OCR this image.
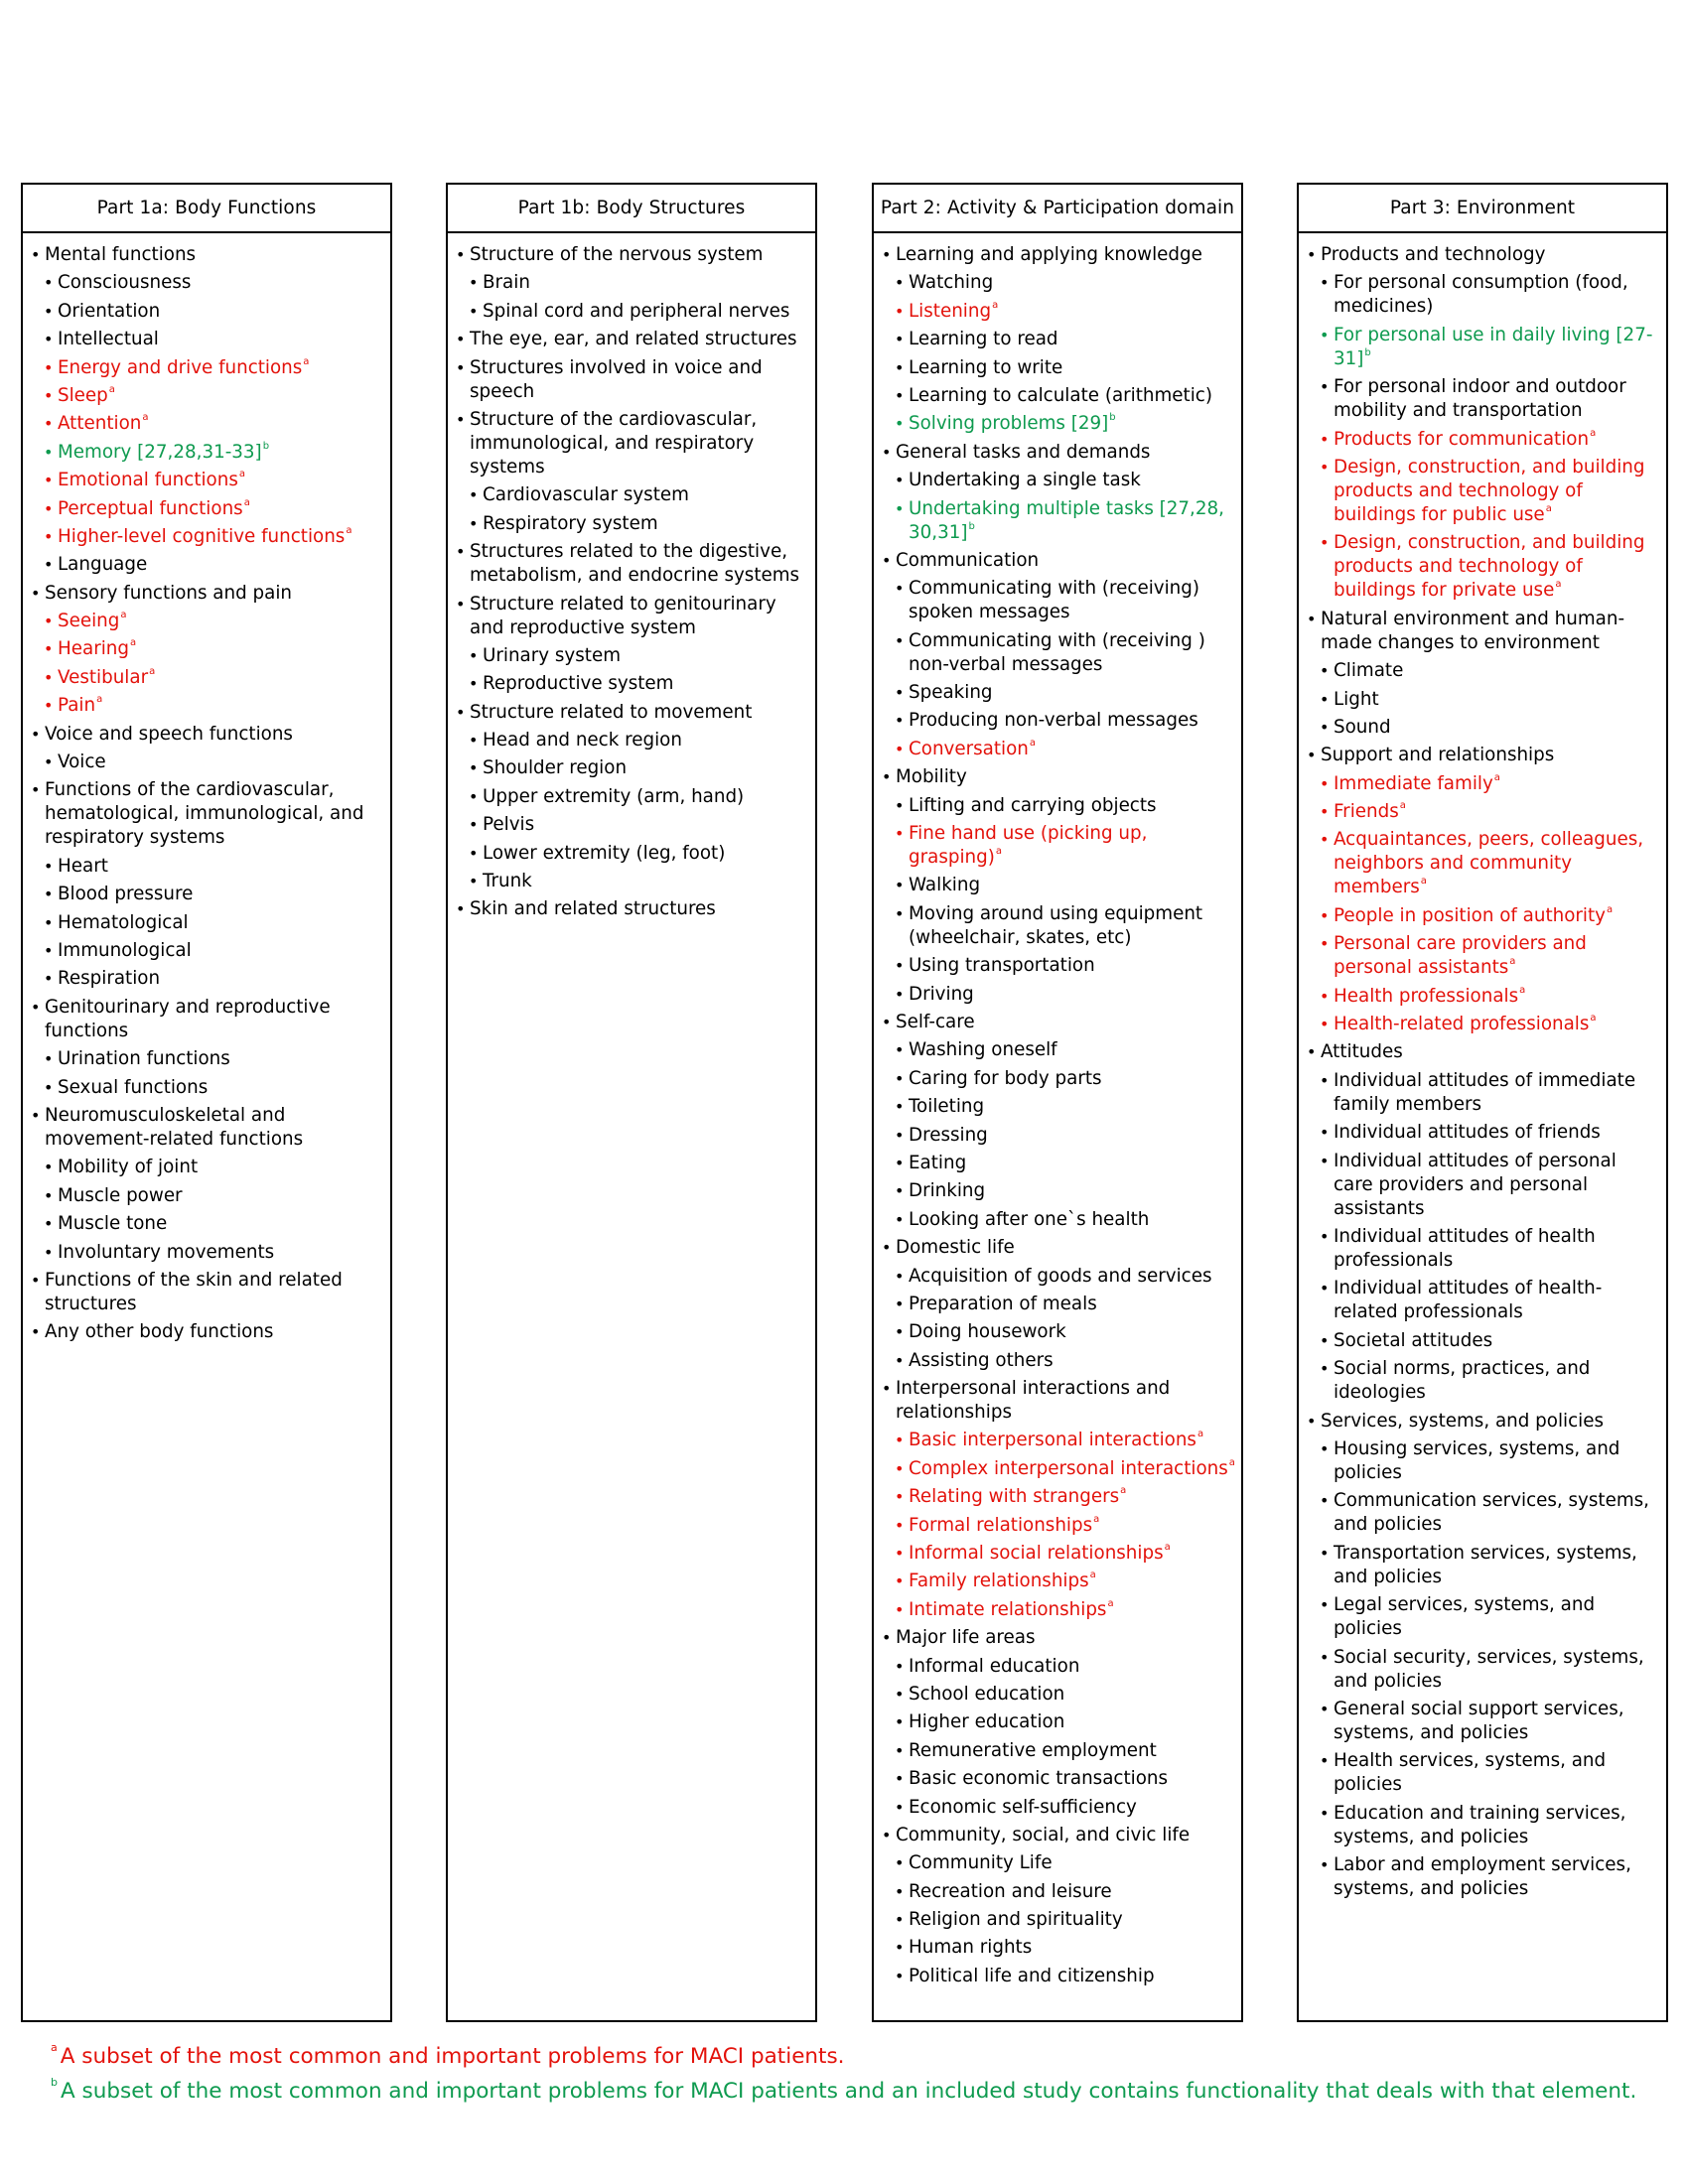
Part 1a: Body Functions
• Mental functions
• Consciousness
• Orientation
• Intellectual
• Energy and drive functions$^a$
• Sleep$^a$
• Attention$^a$
• Memory $[27,28,31-33]^b$
• Emotional functions$^a$
• Perceptual functions$^a$
• Higher-level cognitive functions$^a$
• Language
• Sensory functions and pain
• Seeing$^a$
• Hearing$^a$
• Vestibular$^a$
• Pain$^a$
• Voice and speech functions
• Voice
• Functions of the cardiovascular, hematological, immunological, and respiratory systems
• Heart
• Blood pressure
• Hematological
• Immunological
• Respiration
• Genitourinary and reproductive functions
• Urination functions
• Sexual functions
• Neuromusculoskeletal and movement-related functions
• Mobility of joint
• Muscle power
• Muscle tone
• Involuntary movements
• Functions of the skin and related structures
• Any other body functions
Part 1b: Body Structures
• Structure of the nervous system
• Brain
• Spinal cord and peripheral nerves
• The eye, ear, and related structures
• Structures involved in voice and speech
• Structure of the cardiovascular, immunological, and respiratory systems
• Cardiovascular system
• Respiratory system
• Structures related to the digestive, metabolism, and endocrine systems
• Structure related to genitourinary and reproductive system
• Urinary system
• Reproductive system
• Structure related to movement
• Head and neck region
• Shoulder region
• Upper extremity (arm, hand)
• Pelvis
• Lower extremity (leg, foot)
• Trunk
• Skin and related structures
Part 2: Activity & Participation domain
• Learning and applying knowledge
• Watching
• Listening$^a$
• Learning to read
• Learning to write
• Learning to calculate (arithmetic)
• Solving problems $[29]^b$
• General tasks and demands
• Undertaking a single task
• Undertaking multiple tasks [27,28, 30,31]$^b$
• Communication
• Communicating with (receiving) spoken messages
• Communicating with (receiving ) non-verbal messages
• Speaking
• Producing non-verbal messages
• Conversation$^a$
• Mobility
• Lifting and carrying objects
• Fine hand use (picking up, grasping)$^a$
• Walking
• Moving around using equipment (wheelchair, skates, etc)
• Using transportation
• Driving
• Self-care
• Washing oneself
• Caring for body parts
• Toileting
• Dressing
• Eating
• Drinking
• Looking after one`s health
• Domestic life
• Acquisition of goods and services
• Preparation of meals
• Doing housework
• Assisting others
• Interpersonal interactions and relationships
• Basic interpersonal interactions$^a$
• Complex interpersonal interactions$^a$
• Relating with strangers$^a$
• Formal relationships$^a$
• Informal social relationships$^a$
• Family relationships$^a$
• Intimate relationships$^a$
• Major life areas
• Informal education
• School education
• Higher education
• Remunerative employment
• Basic economic transactions
• Economic self-sufficiency
• Community, social, and civic life
• Community Life
• Recreation and leisure
• Religion and spirituality
• Human rights
• Political life and citizenship
Part 3: Environment
• Products and technology
• For personal consumption (food, medicines)
• For personal use in daily living $[27-31]^b$
• For personal indoor and outdoor mobility and transportation
• Products for communication$^a$
• Design, construction, and building products and technology of buildings for public use$^a$
• Design, construction, and building products and technology of buildings for private use$^a$
• Natural environment and human-made changes to environment
• Climate
• Light
• Sound
• Support and relationships
• Immediate family$^a$
• Friends$^a$
• Acquaintances, peers, colleagues, neighbors and community members$^a$
• People in position of authority$^a$
• Personal care providers and personal assistants$^a$
• Health professionals$^a$
• Health-related professionals$^a$
• Attitudes
• Individual attitudes of immediate family members
• Individual attitudes of friends
• Individual attitudes of personal care providers and personal assistants
• Individual attitudes of health professionals
• Individual attitudes of health-related professionals
• Societal attitudes
• Social norms, practices, and ideologies
• Services, systems, and policies
• Housing services, systems, and policies
• Communication services, systems, and policies
• Transportation services, systems, and policies
• Legal services, systems, and policies
• Social security, services, systems, and policies
• General social support services, systems, and policies
• Health services, systems, and policies
• Education and training services, systems, and policies
• Labor and employment services, systems, and policies
$^a$ A subset of the most common and important problems for MACI patients.
$^b$ A subset of the most common and important problems for MACI patients and an included study contains functionality that deals with that element.
